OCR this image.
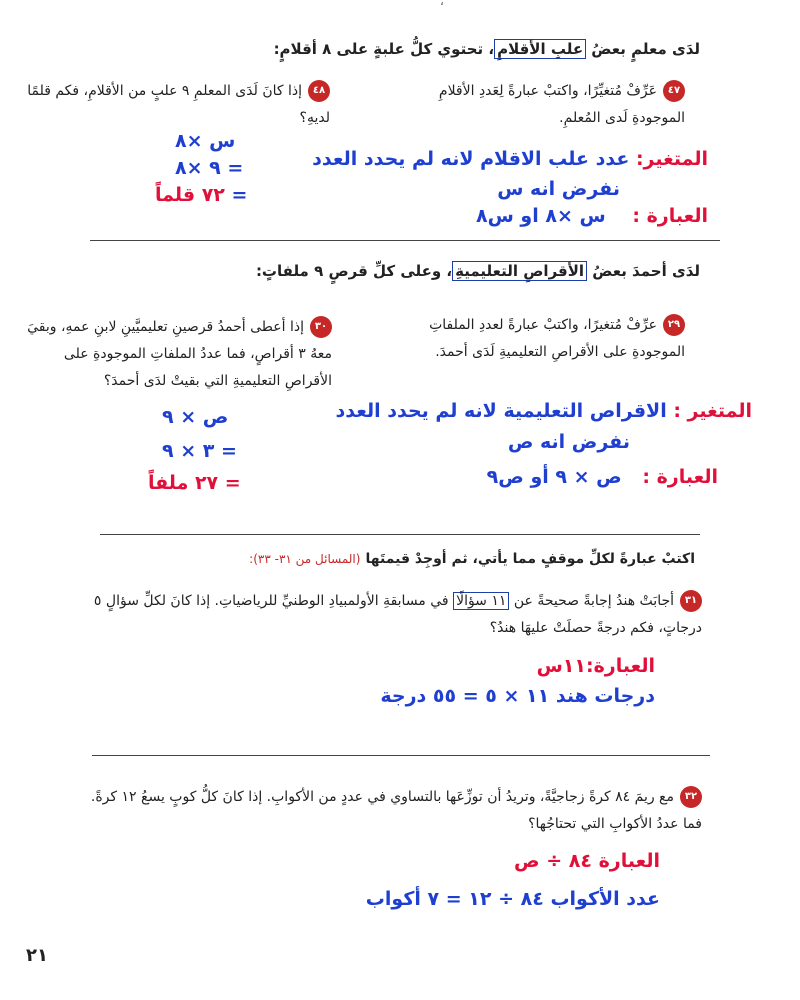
،
لدَى معلمٍ بعضُ علبِ الأقلامِ، تحتوي كلُّ علبةٍ على ٨ أقلامٍ:
٤٧عَرِّفْ مُتغيِّرًا، واكتبْ عبارةً لِعَددِ الأقلامِ الموجودةِ لَدى المُعلمِ.
٤٨إذا كانَ لَدَى المعلمِ ٩ علبٍ من الأقلامِ، فكم قلمًا لديهِ؟
المتغير: عدد علب الاقلام لانه لم يحدد العدد
نفرض انه س
العبارة : س ×٨ او س٨
س ×٨
= ٩ ×٨
= ٧٢ قلماً
لدَى أحمدَ بعضُ الأقراصِ التعليميةِ، وعلى كلِّ قرصٍ ٩ ملفاتٍ:
٢٩عرِّفْ مُتغيرًا، واكتبْ عبارةً لعددِ الملفاتِ الموجودةِ على الأقراصِ التعليميةِ لَدَى أحمدَ.
٣٠إذا أعطى أحمدُ قرصينِ تعليميَّينِ لابنِ عمهِ، وبقيَ معهُ ٣ أقراصٍ، فما عددُ الملفاتِ الموجودةِ على الأقراصِ التعليميةِ التي بقيتْ لدَى أحمدَ؟
المتغير : الاقراص التعليمية لانه لم يحدد العدد
نفرض انه ص
العبارة : ص × ٩ أو ص٩
ص × ٩
= ٣ × ٩
= ٢٧ ملفاً
اكتبْ عبارةً لكلِّ موقفٍ مما يأتي، ثم أوجِدْ قيمتَها (المسائل من ٣١- ٣٣):
٣١أجابَتْ هندُ إجابةً صحيحةً عن ١١ سؤالًا في مسابقةِ الأولمبيادِ الوطنيِّ للرياضياتِ. إذا كانَ لكلِّ سؤالٍ ٥ درجاتٍ، فكم درجةً حصلَتْ عليهَا هندُ؟
العبارة:١١س
درجات هند ١١ × ٥ = ٥٥ درجة
٣٢مع ريمَ ٨٤ كرةً زجاجيَّةً، وتريدُ أن توزِّعَها بالتساوي في عددٍ من الأكوابِ. إذا كانَ كلُّ كوبٍ يسعُ ١٢ كرةً. فما عددُ الأكوابِ التي تحتاجُها؟
العبارة ٨٤ ÷ ص
عدد الأكواب ٨٤ ÷ ١٢ = ٧ أكواب
٢١
